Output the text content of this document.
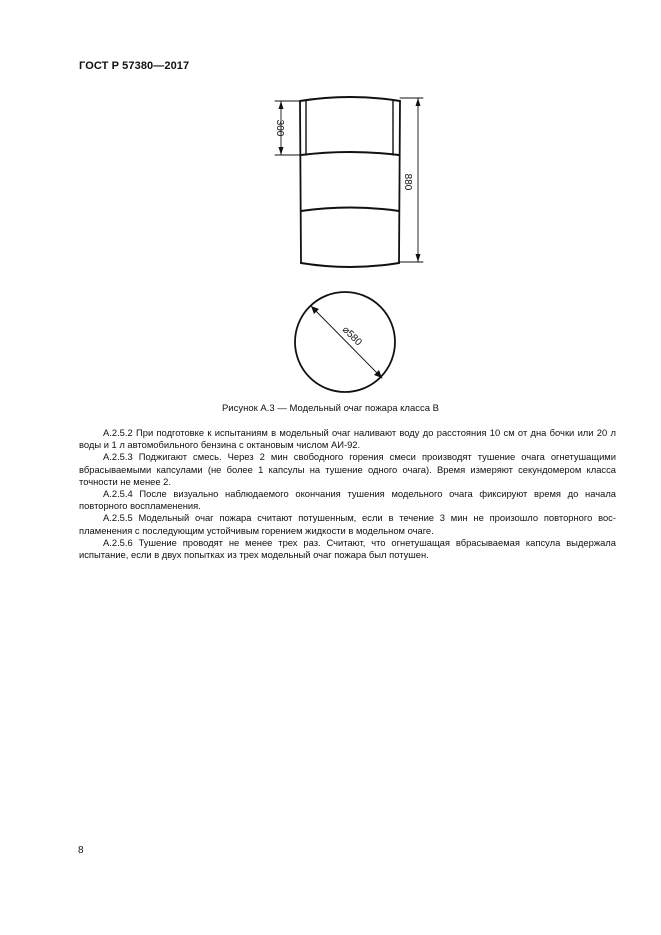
ГОСТ Р 57380—2017
300
880
⌀580
Рисунок А.3 — Модельный очаг пожара класса В

А.2.5.2 При подготовке к испытаниям в модельный очаг наливают воду до расстояния 10 см от дна бочки или 20 л воды и 1 л автомобильного бензина с октановым числом АИ-92.

А.2.5.3 Поджигают смесь. Через 2 мин свободного горения смеси производят тушение очага огнетушащими вбрасываемыми капсулами (не более 1 капсулы на тушение одного очага). Время измеряют секундомером класса точности не менее 2.

А.2.5.4 После визуально наблюдаемого окончания тушения модельного очага фиксируют время до начала повторного воспламенения.

А.2.5.5 Модельный очаг пожара считают потушенным, если в течение 3 мин не произошло повторного воспламенения с последующим устойчивым горением жидкости в модельном очаге.

А.2.5.6 Тушение проводят не менее трех раз. Считают, что огнетушащая вбрасываемая капсула выдержала испытание, если в двух попытках из трех модельный очаг пожара был потушен.

8
